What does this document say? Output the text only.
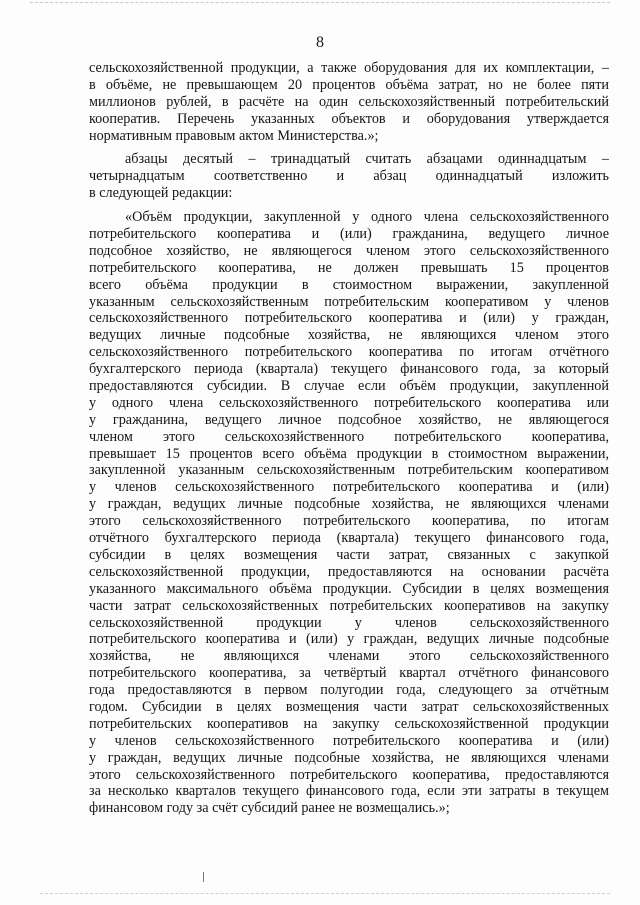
8
сельскохозяйственной продукции, а также оборудования для их комплектации, –
в объёме, не превышающем 20 процентов объёма затрат, но не более пяти
миллионов рублей, в расчёте на один сельскохозяйственный потребительский
кооператив. Перечень указанных объектов и оборудования утверждается
нормативным правовым актом Министерства.»;
абзацы десятый – тринадцатый считать абзацами одиннадцатым –
четырнадцатым соответственно и абзац одиннадцатый изложить
в следующей редакции:
«Объём продукции, закупленной у одного члена сельскохозяйственного
потребительского кооператива и (или) гражданина, ведущего личное
подсобное хозяйство, не являющегося членом этого сельскохозяйственного
потребительского кооператива, не должен превышать 15 процентов
всего объёма продукции в стоимостном выражении, закупленной
указанным сельскохозяйственным потребительским кооперативом у членов
сельскохозяйственного потребительского кооператива и (или) у граждан,
ведущих личные подсобные хозяйства, не являющихся членом этого
сельскохозяйственного потребительского кооператива по итогам отчётного
бухгалтерского периода (квартала) текущего финансового года, за который
предоставляются субсидии. В случае если объём продукции, закупленной
у одного члена сельскохозяйственного потребительского кооператива или
у гражданина, ведущего личное подсобное хозяйство, не являющегося
членом этого сельскохозяйственного потребительского кооператива,
превышает 15 процентов всего объёма продукции в стоимостном выражении,
закупленной указанным сельскохозяйственным потребительским кооперативом
у членов сельскохозяйственного потребительского кооператива и (или)
у граждан, ведущих личные подсобные хозяйства, не являющихся членами
этого сельскохозяйственного потребительского кооператива, по итогам
отчётного бухгалтерского периода (квартала) текущего финансового года,
субсидии в целях возмещения части затрат, связанных с закупкой
сельскохозяйственной продукции, предоставляются на основании расчёта
указанного максимального объёма продукции. Субсидии в целях возмещения
части затрат сельскохозяйственных потребительских кооперативов на закупку
сельскохозяйственной продукции у членов сельскохозяйственного
потребительского кооператива и (или) у граждан, ведущих личные подсобные
хозяйства, не являющихся членами этого сельскохозяйственного
потребительского кооператива, за четвёртый квартал отчётного финансового
года предоставляются в первом полугодии года, следующего за отчётным
годом. Субсидии в целях возмещения части затрат сельскохозяйственных
потребительских кооперативов на закупку сельскохозяйственной продукции
у членов сельскохозяйственного потребительского кооператива и (или)
у граждан, ведущих личные подсобные хозяйства, не являющихся членами
этого сельскохозяйственного потребительского кооператива, предоставляются
за несколько кварталов текущего финансового года, если эти затраты в текущем
финансовом году за счёт субсидий ранее не возмещались.»;
